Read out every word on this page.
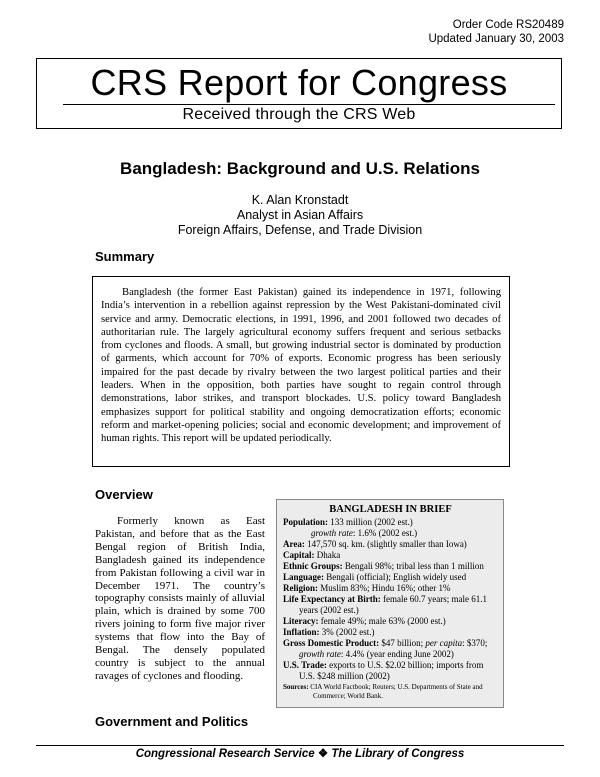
Order Code RS20489
Updated January 30, 2003
CRS Report for Congress
Received through the CRS Web
Bangladesh: Background and U.S. Relations
K. Alan Kronstadt
Analyst in Asian Affairs
Foreign Affairs, Defense, and Trade Division
Summary

Bangladesh (the former East Pakistan) gained its independence in 1971, following India’s intervention in a rebellion against repression by the West Pakistani-dominated civil service and army. Democratic elections, in 1991, 1996, and 2001 followed two decades of authoritarian rule. The largely agricultural economy suffers frequent and serious setbacks from cyclones and floods. A small, but growing industrial sector is dominated by production of garments, which account for 70% of exports. Economic progress has been seriously impaired for the past decade by rivalry between the two largest political parties and their leaders. When in the opposition, both parties have sought to regain control through demonstrations, labor strikes, and transport blockades. U.S. policy toward Bangladesh emphasizes support for political stability and ongoing democratization efforts; economic reform and market-opening policies; social and economic development; and improvement of human rights. This report will be updated periodically.

Overview

Formerly known as East Pakistan, and before that as the East Bengal region of British India, Bangladesh gained its independence from Pakistan following a civil war in December 1971. The country’s topography consists mainly of alluvial plain, which is drained by some 700 rivers joining to form five major river systems that flow into the Bay of Bengal. The densely populated country is subject to the annual ravages of cyclones and flooding.

BANGLADESH IN BRIEF
Population: 133 million (2002 est.)
growth rate: 1.6% (2002 est.)
Area: 147,570 sq. km. (slightly smaller than Iowa)
Capital: Dhaka
Ethnic Groups: Bengali 98%; tribal less than 1 million
Language: Bengali (official); English widely used
Religion: Muslim 83%; Hindu 16%; other 1%
Life Expectancy at Birth: female 60.7 years; male 61.1 years (2002 est.)
Literacy: female 49%; male 63% (2000 est.)
Inflation: 3% (2002 est.)
Gross Domestic Product: $47 billion; per capita: $370; growth rate: 4.4% (year ending June 2002)
U.S. Trade: exports to U.S. $2.02 billion; imports from U.S. $248 million (2002)
Sources: CIA World Factbook; Reuters; U.S. Departments of State and Commerce; World Bank.
Government and Politics
Congressional Research Service ❖ The Library of Congress
